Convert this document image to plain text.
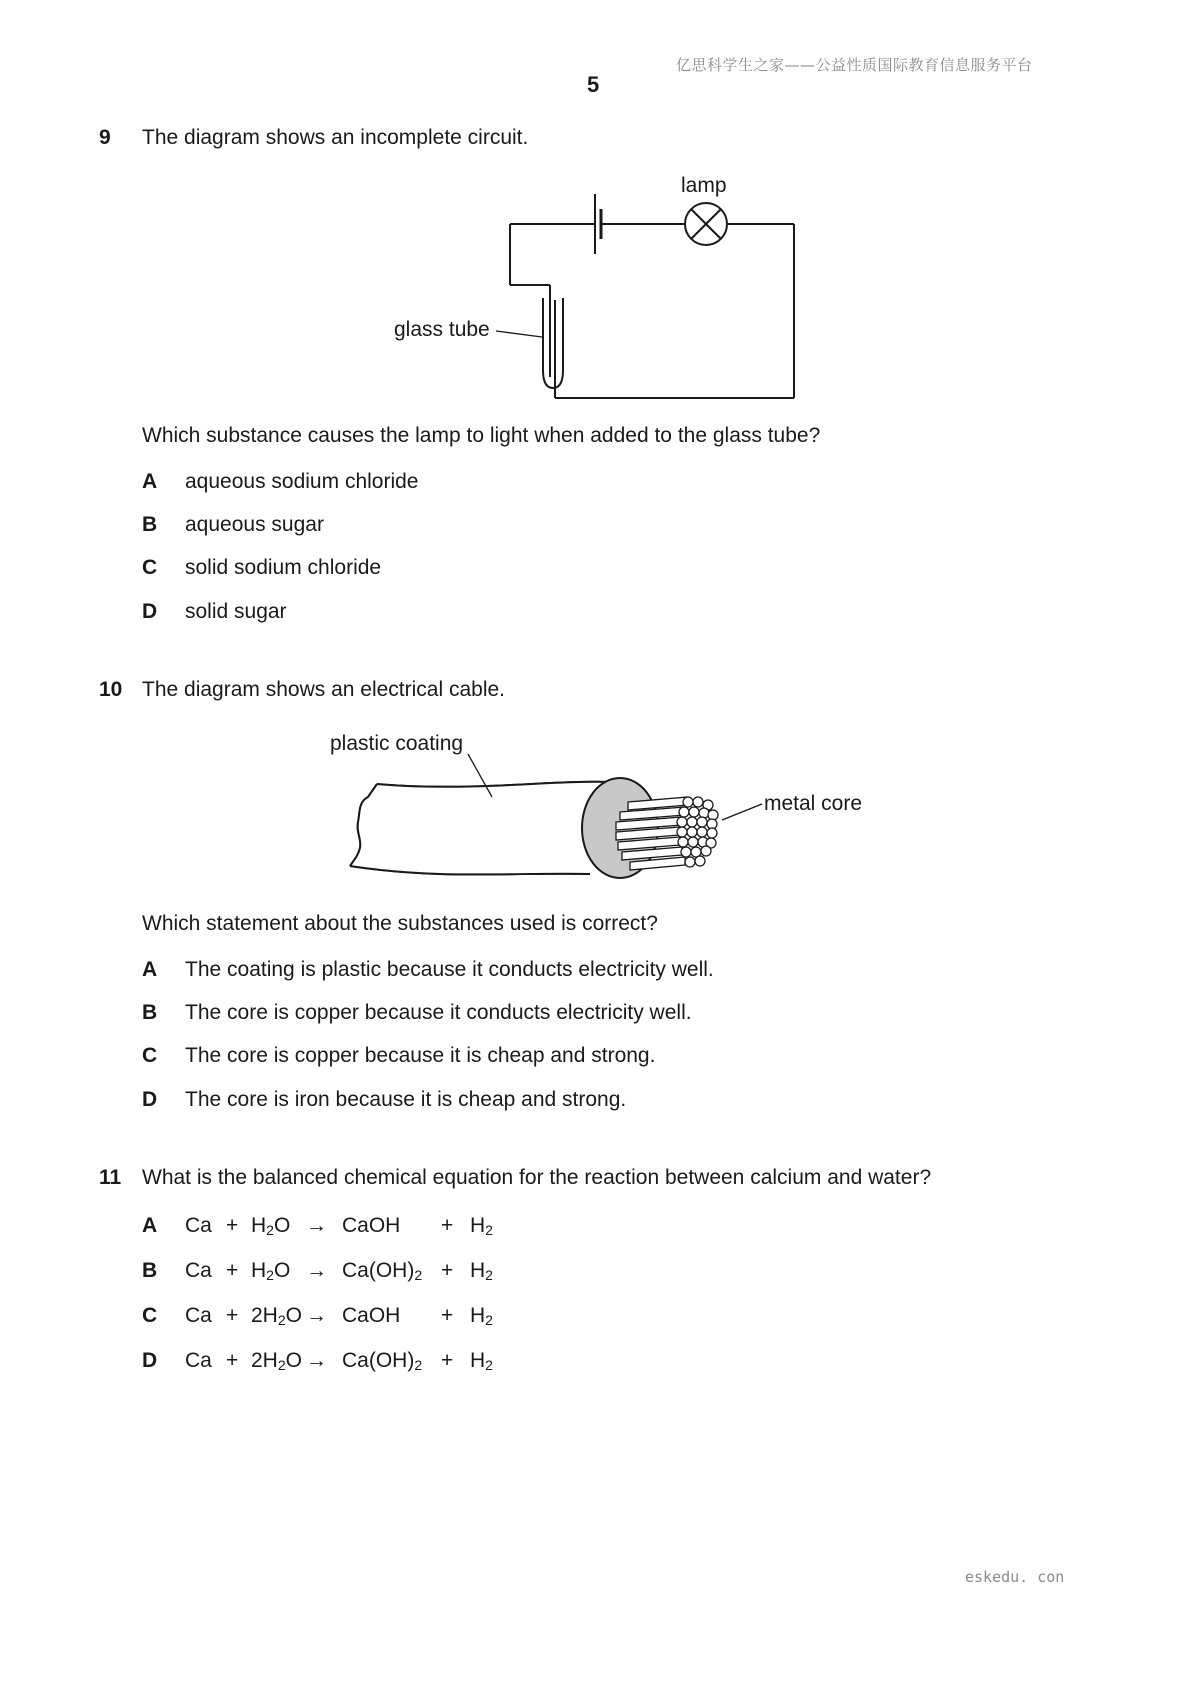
亿思科学生之家——公益性质国际教育信息服务平台
5
9 The diagram shows an incomplete circuit.
lamp
glass tube
Which substance causes the lamp to light when added to the glass tube?
A aqueous sodium chloride
B aqueous sugar
C solid sodium chloride
D solid sugar
10 The diagram shows an electrical cable.
plastic coating
metal core
Which statement about the substances used is correct?
A The coating is plastic because it conducts electricity well.
B The core is copper because it conducts electricity well.
C The core is copper because it is cheap and strong.
D The core is iron because it is cheap and strong.
11 What is the balanced chemical equation for the reaction between calcium and water?
A $Ca + H_2O$ → CaOH + $H_2$
B $Ca + H_2O \to Ca(OH)_2 + H_2$
C $Ca + 2H_2O$ → CaOH + $H_2$
D $Ca + 2H_2O \to Ca(OH)_2 + H_2$
eskedu. con
